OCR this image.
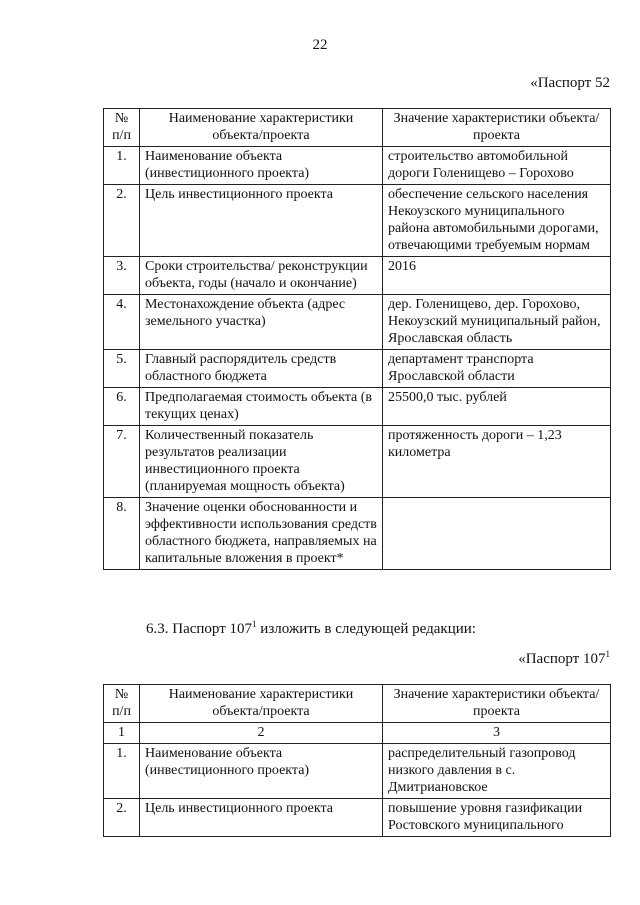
22
«Паспорт 52
№ п/п	Наименование характеристики объекта/проекта	Значение характеристики объекта/проекта
1.	Наименование объекта (инвестиционного проекта)	строительство автомобильной дороги Голенищево – Горохово
2.	Цель инвестиционного проекта	обеспечение сельского населения Некоузского муниципального района автомобильными дорогами, отвечающими требуемым нормам
3.	Сроки строительства/ реконструкции объекта, годы (начало и окончание)	2016
4.	Местонахождение объекта (адрес земельного участка)	дер. Голенищево, дер. Горохово, Некоузский муниципальный район, Ярославская область
5.	Главный распорядитель средств областного бюджета	департамент транспорта Ярославской области
6.	Предполагаемая стоимость объекта (в текущих ценах)	25500,0 тыс. рублей
7.	Количественный показатель результатов реализации инвестиционного проекта (планируемая мощность объекта)	протяженность дороги – 1,23 километра
8.	Значение оценки обоснованности и эффективности использования средств областного бюджета, направляемых на капитальные вложения в проект*	
6.3. Паспорт $107^1$ изложить в следующей редакции:
«Паспорт $107^1$
№ п/п	Наименование характеристики объекта/проекта	Значение характеристики объекта/проекта
1	2	3
1.	Наименование объекта (инвестиционного проекта)	распределительный газопровод низкого давления в с. Дмитриановское
2.	Цель инвестиционного проекта	повышение уровня газификации Ростовского муниципального
